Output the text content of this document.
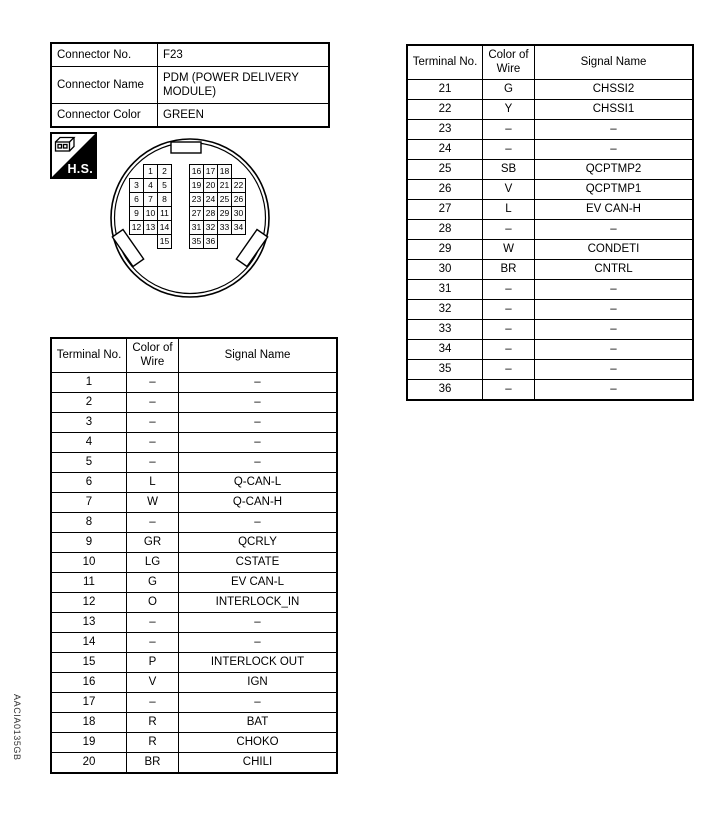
AACIA0135GB
Connector No.	F23
Connector Name	PDM (POWER DELIVERY MODULE)
Connector Color	GREEN
H.S.	1	2
3	4	5
6	7	8
9 10 11
12 13 14
15
16 17 18
19 20 21 22
23 24 25 26
27 28 29 30
31 32 33 34
35 36
Terminal No.	Color of Wire	Signal Name
1	–	–
2	–	–
3	–	–
4	–	–
5	–	–
6	L	Q-CAN-L
7	W	Q-CAN-H
8	–	–
9	GR	QCRLY
10	LG	CSTATE
11	G	EV CAN-L
12	O	INTERLOCK_IN
13	–	–
14	–	–
15	P	INTERLOCK OUT
16	V	IGN
17	–	–
18	R	BAT
19	R	CHOKO
20	BR	CHILI
Terminal No.	Color of Wire	Signal Name
21	G	CHSSI2
22	Y	CHSSI1
23	–	–
24	–	–
25	SB	QCPTMP2
26	V	QCPTMP1
27	L	EV CAN-H
28	–	–
29	W	CONDETI
30	BR	CNTRL
31	–	–
32	–	–
33	–	–
34	–	–
35	–	–
36	–	–
